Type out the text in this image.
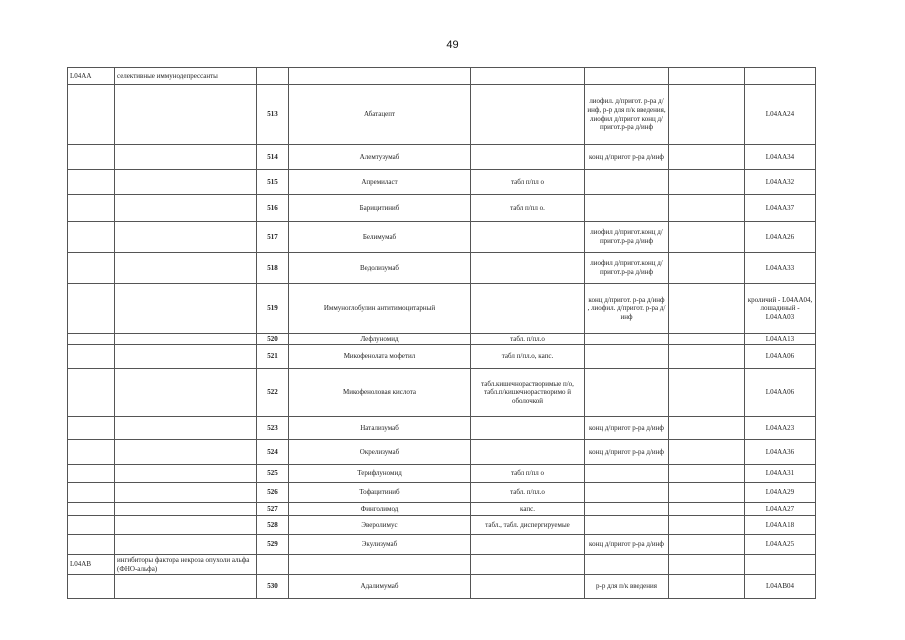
49
L04AA	селективные иммунодепрессанты						
		513	Абатацепт		лиофил. д/пригот. р-ра д/инф, р-р для п/к введения, лиофил д/пригот конц д/пригот.р-ра д/инф		L04AA24
		514	Алемтузумаб		конц д/пригот р-ра д/инф		L04AA34
		515	Апремиласт	табл п/пл о			L04AA32
		516	Барицитиниб	табл п/пл о.			L04AA37
		517	Белимумаб		лиофил д/пригот.конц д/пригот.р-ра д/инф		L04AA26
		518	Ведолизумаб		лиофил д/пригот.конц д/пригот.р-ра д/инф		L04AA33
		519	Иммуноглобулин антитимоцитарный		конц д/пригот. р-ра д/инф , лиофил. д/пригот. р-ра д/инф		кроличий - L04AA04, лошадиный - L04AA03
		520	Лефлуномид	табл. п/пл.о			L04AA13
		521	Микофенолата мофетил	табл п/пл.о, капс.			L04AA06
		522	Микофеноловая кислота	табл.кишечнорастворимые п/о, табл.п/кишечнорастворимо й оболочкой			L04AA06
		523	Натализумаб		конц д/пригот р-ра д/инф		L04AA23
		524	Окрелизумаб		конц д/пригот р-ра д/инф		L04AA36
		525	Терифлуномид	табл п/пл о			L04AA31
		526	Тофацитиниб	табл. п/пл.о			L04AA29
		527	Финголимод	капс.			L04AA27
		528	Эверолимус	табл., табл. диспергируемые			L04AA18
		529	Экулизумаб		конц д/пригот р-ра д/инф		L04AA25
L04AB	ингибиторы фактора некроза опухоли альфа (ФНО-альфа)						
		530	Адалимумаб		р-р для п/к введения		L04AB04
